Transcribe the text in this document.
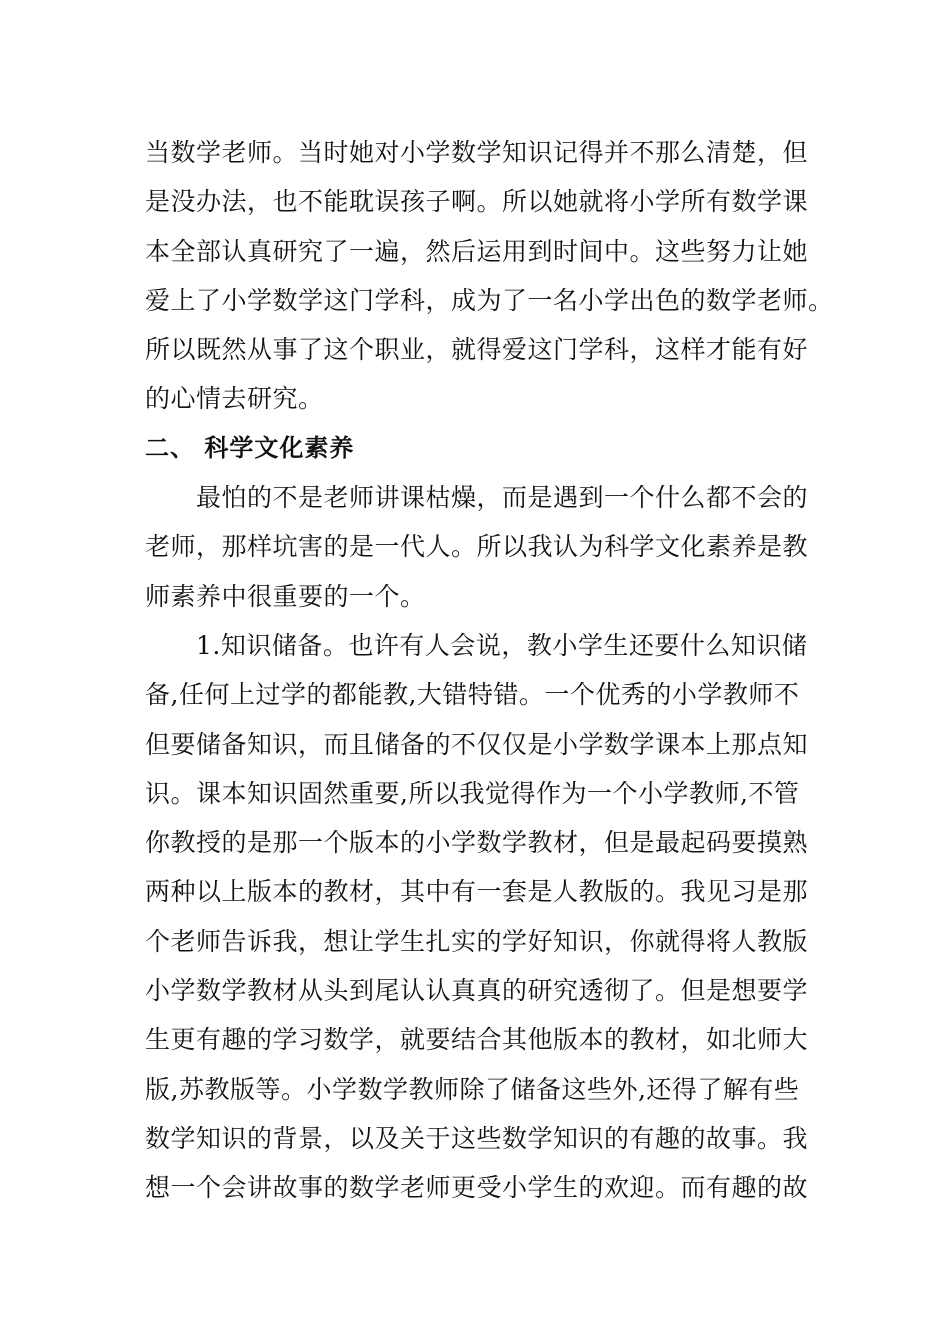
当数学老师。当时她对小学数学知识记得并不那么清楚，但
是没办法，也不能耽误孩子啊。所以她就将小学所有数学课
本全部认真研究了一遍，然后运用到时间中。这些努力让她
爱上了小学数学这门学科，成为了一名小学出色的数学老师。
所以既然从事了这个职业，就得爱这门学科，这样才能有好
的心情去研究。
二、 科学文化素养
　　最怕的不是老师讲课枯燥，而是遇到一个什么都不会的
老师，那样坑害的是一代人。所以我认为科学文化素养是教
师素养中很重要的一个。
　　1.知识储备。也许有人会说，教小学生还要什么知识储
备,任何上过学的都能教,大错特错。一个优秀的小学教师不
但要储备知识，而且储备的不仅仅是小学数学课本上那点知
识。课本知识固然重要,所以我觉得作为一个小学教师,不管
你教授的是那一个版本的小学数学教材，但是最起码要摸熟
两种以上版本的教材，其中有一套是人教版的。我见习是那
个老师告诉我，想让学生扎实的学好知识，你就得将人教版
小学数学教材从头到尾认认真真的研究透彻了。但是想要学
生更有趣的学习数学，就要结合其他版本的教材，如北师大
版,苏教版等。小学数学教师除了储备这些外,还得了解有些
数学知识的背景，以及关于这些数学知识的有趣的故事。我
想一个会讲故事的数学老师更受小学生的欢迎。而有趣的故
